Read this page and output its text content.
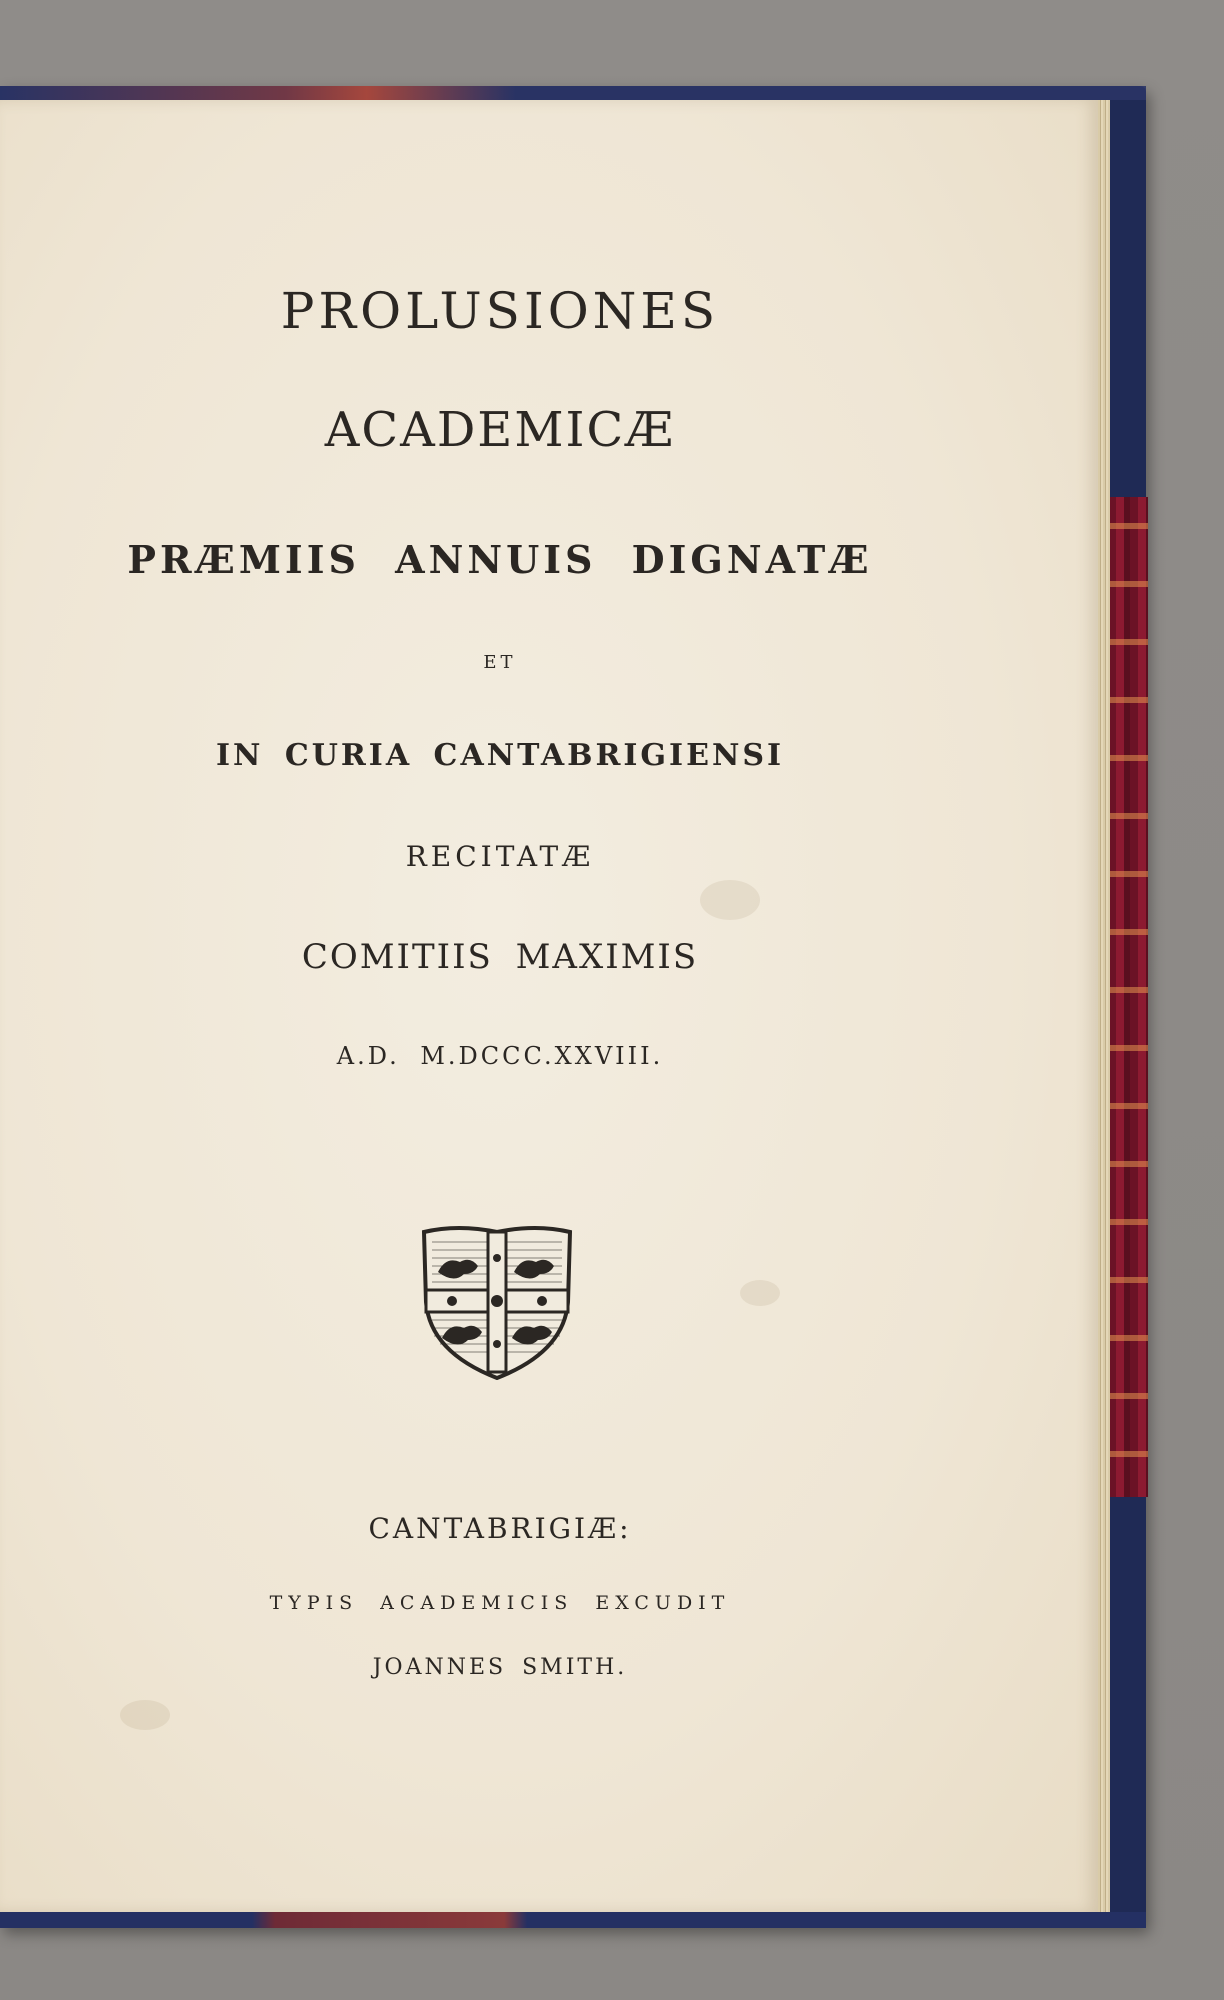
PROLUSIONES
ACADEMICÆ
PRÆMIIS ANNUIS DIGNATÆ
ET
IN CURIA CANTABRIGIENSI
RECITATÆ
COMITIIS MAXIMIS
A.D. M.DCCC.XXVIII.
CANTABRIGIÆ:
TYPIS ACADEMICIS EXCUDIT
JOANNES SMITH.
